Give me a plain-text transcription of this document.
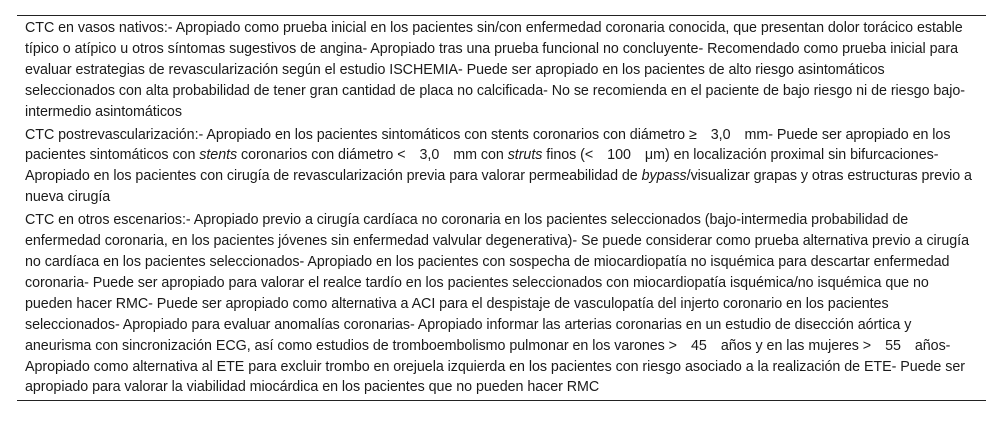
CTC en vasos nativos:- Apropiado como prueba inicial en los pacientes sin/con enfermedad coronaria conocida, que presentan dolor torácico estable típico o atípico u otros síntomas sugestivos de angina- Apropiado tras una prueba funcional no concluyente- Recomendado como prueba inicial para evaluar estrategias de revascularización según el estudio ISCHEMIA- Puede ser apropiado en los pacientes de alto riesgo asintomáticos seleccionados con alta probabilidad de tener gran cantidad de placa no calcificada- No se recomienda en el paciente de bajo riesgo ni de riesgo bajo-intermedio asintomáticos

CTC postrevascularización:- Apropiado en los pacientes sintomáticos con stents coronarios con diámetro ≥ 3,0 mm- Puede ser apropiado en los pacientes sintomáticos con stents coronarios con diámetro < 3,0 mm con struts finos (< 100 μm) en localización proximal sin bifurcaciones- Apropiado en los pacientes con cirugía de revascularización previa para valorar permeabilidad de bypass/visualizar grapas y otras estructuras previo a nueva cirugía

CTC en otros escenarios:- Apropiado previo a cirugía cardíaca no coronaria en los pacientes seleccionados (bajo-intermedia probabilidad de enfermedad coronaria, en los pacientes jóvenes sin enfermedad valvular degenerativa)- Se puede considerar como prueba alternativa previo a cirugía no cardíaca en los pacientes seleccionados- Apropiado en los pacientes con sospecha de miocardiopatía no isquémica para descartar enfermedad coronaria- Puede ser apropiado para valorar el realce tardío en los pacientes seleccionados con miocardiopatía isquémica/no isquémica que no pueden hacer RMC- Puede ser apropiado como alternativa a ACI para el despistaje de vasculopatía del injerto coronario en los pacientes seleccionados- Apropiado para evaluar anomalías coronarias- Apropiado informar las arterias coronarias en un estudio de disección aórtica y aneurisma con sincronización ECG, así como estudios de tromboembolismo pulmonar en los varones > 45 años y en las mujeres > 55 años- Apropiado como alternativa al ETE para excluir trombo en orejuela izquierda en los pacientes con riesgo asociado a la realización de ETE- Puede ser apropiado para valorar la viabilidad miocárdica en los pacientes que no pueden hacer RMC
